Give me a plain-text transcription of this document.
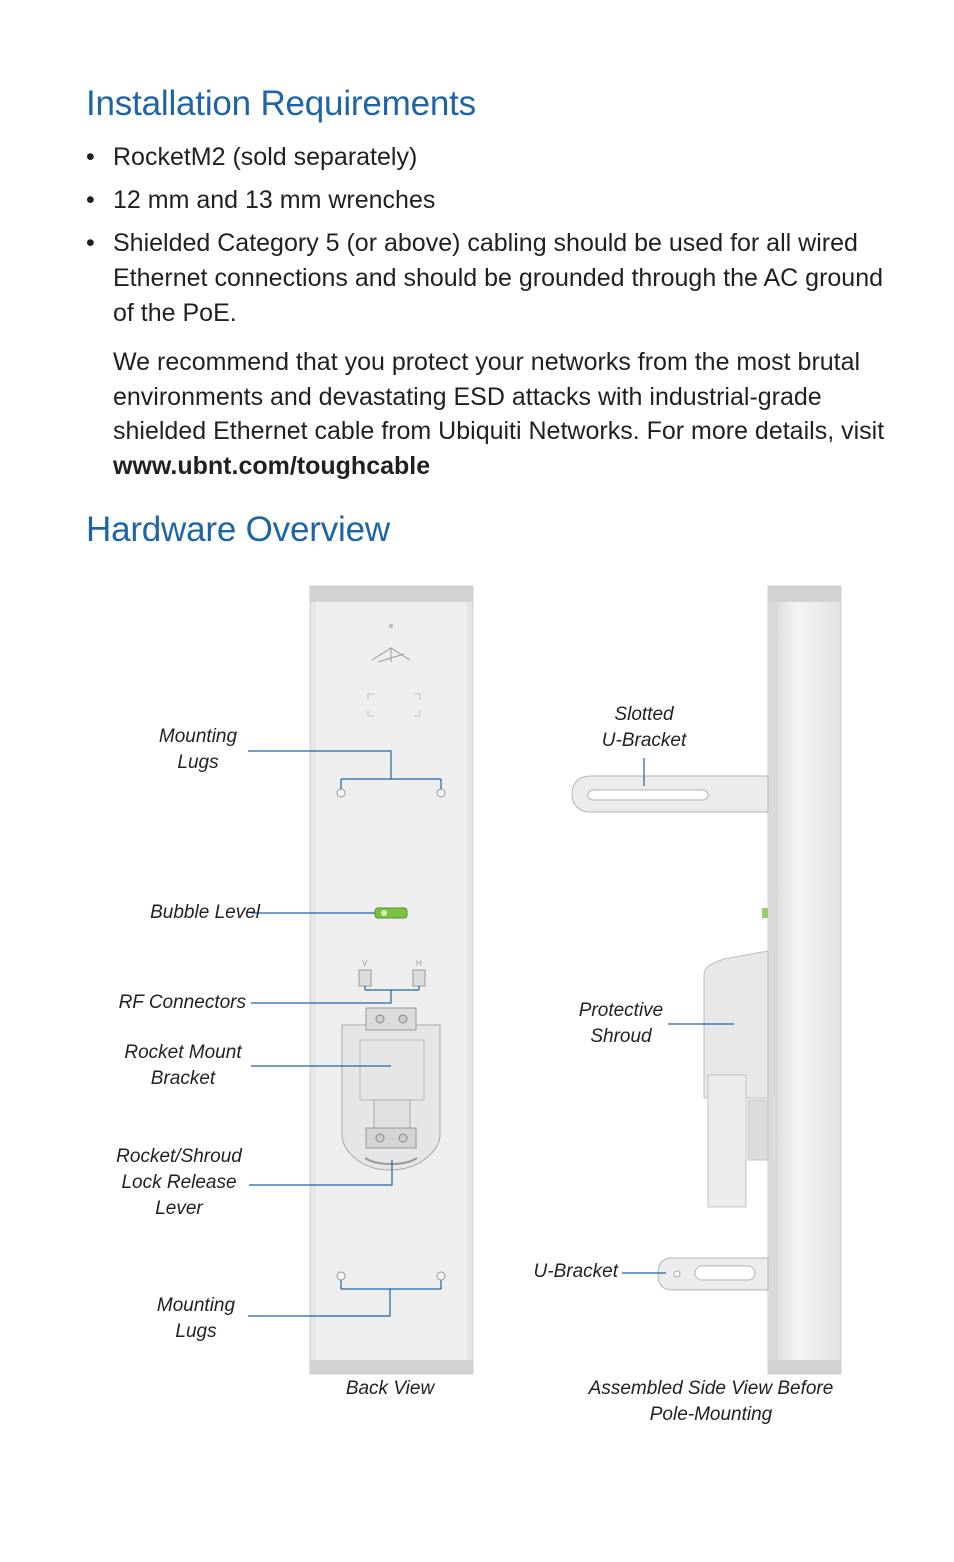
Installation Requirements
• RocketM2 (sold separately)
• 12 mm and 13 mm wrenches
• Shielded Category 5 (or above) cabling should be used for all wired Ethernet connections and should be grounded through the AC ground of the PoE.

We recommend that you protect your networks from the most brutal environments and devastating ESD attacks with industrial-grade shielded Ethernet cable from Ubiquiti Networks. For more details, visit www.ubnt.com/toughcable

Hardware Overview
V	H
Mounting
Lugs
Bubble Level
RF Connectors
Rocket Mount
Bracket
Rocket/Shroud
Lock Release
Lever
Mounting
Lugs
Back View
Slotted
U-Bracket
Protective
Shroud
U-Bracket
Assembled Side View Before
Pole-Mounting
